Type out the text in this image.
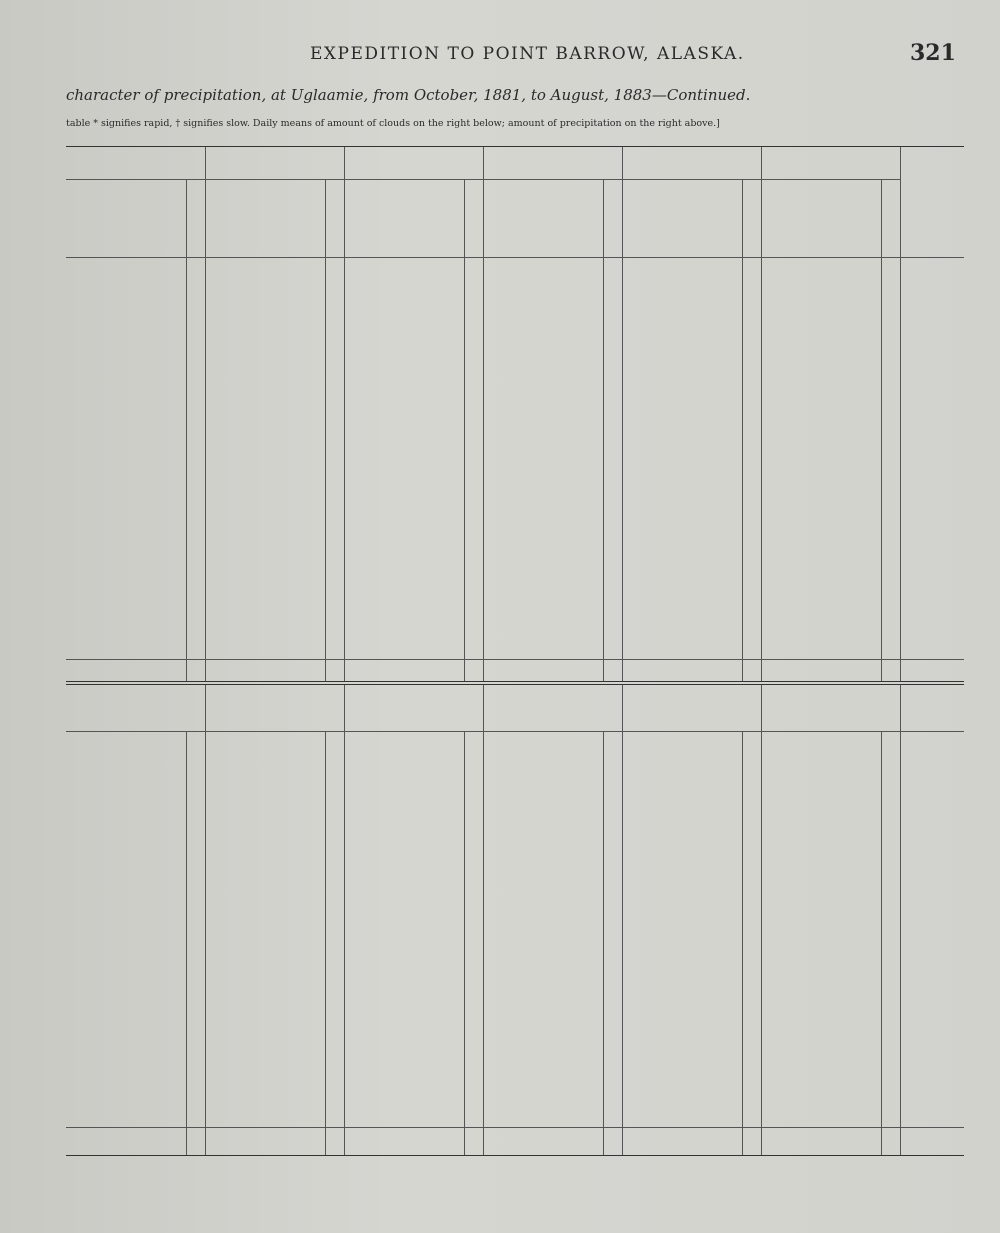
EXPEDITION TO POINT BARROW, ALASKA.	321
character of precipitation, at Uglaamie, from October, 1881, to August, 1883—Continued.
table * signifies rapid, † signifies slow. Daily means of amount of clouds on the right below; amount of precipitation on the right above.]
